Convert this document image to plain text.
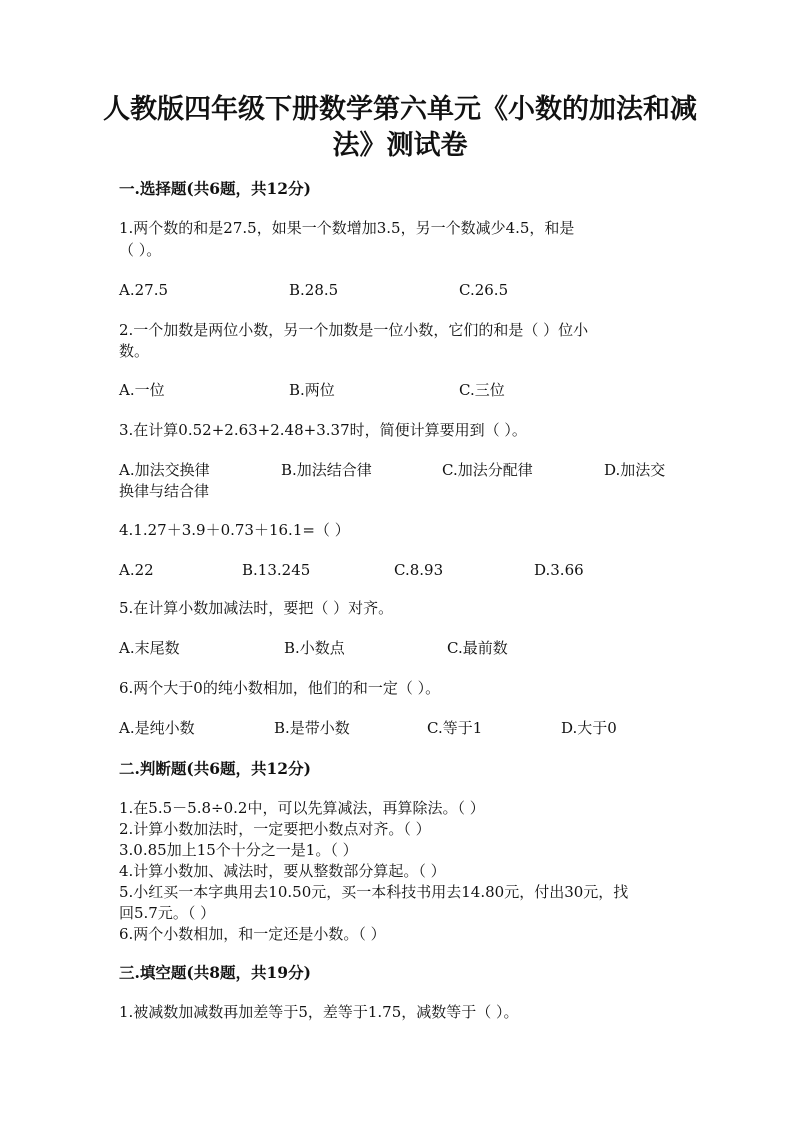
人教版四年级下册数学第六单元《小数的加法和减
法》测试卷

一.选择题(共6题，共12分)

1.两个数的和是27.5，如果一个数增加3.5，另一个数减少4.5，和是

（ ）。

A.27.5	B.28.5	C.26.5

2.一个加数是两位小数，另一个加数是一位小数，它们的和是（ ）位小

数。

A.一位	B.两位	C.三位

3.在计算0.52+2.63+2.48+3.37时，简便计算要用到（ ）。

A.加法交换律	B.加法结合律	C.加法分配律	D.加法交

换律与结合律

4.1.27＋3.9＋0.73＋16.1=（ ）

A.22	B.13.245	C.8.93	D.3.66

5.在计算小数加减法时，要把（ ）对齐。

A.末尾数	B.小数点	C.最前数

6.两个大于0的纯小数相加，他们的和一定（ ）。

A.是纯小数	B.是带小数	C.等于1	D.大于0

二.判断题(共6题，共12分)

1.在5.5－5.8÷0.2中，可以先算减法，再算除法。（ ）

2.计算小数加法时，一定要把小数点对齐。（ ）

3.0.85加上15个十分之一是1。（ ）

4.计算小数加、减法时，要从整数部分算起。（ ）

5.小红买一本字典用去10.50元，买一本科技书用去14.80元，付出30元，找

回5.7元。（ ）

6.两个小数相加，和一定还是小数。（ ）

三.填空题(共8题，共19分)

1.被减数加减数再加差等于5，差等于1.75，减数等于（ ）。
